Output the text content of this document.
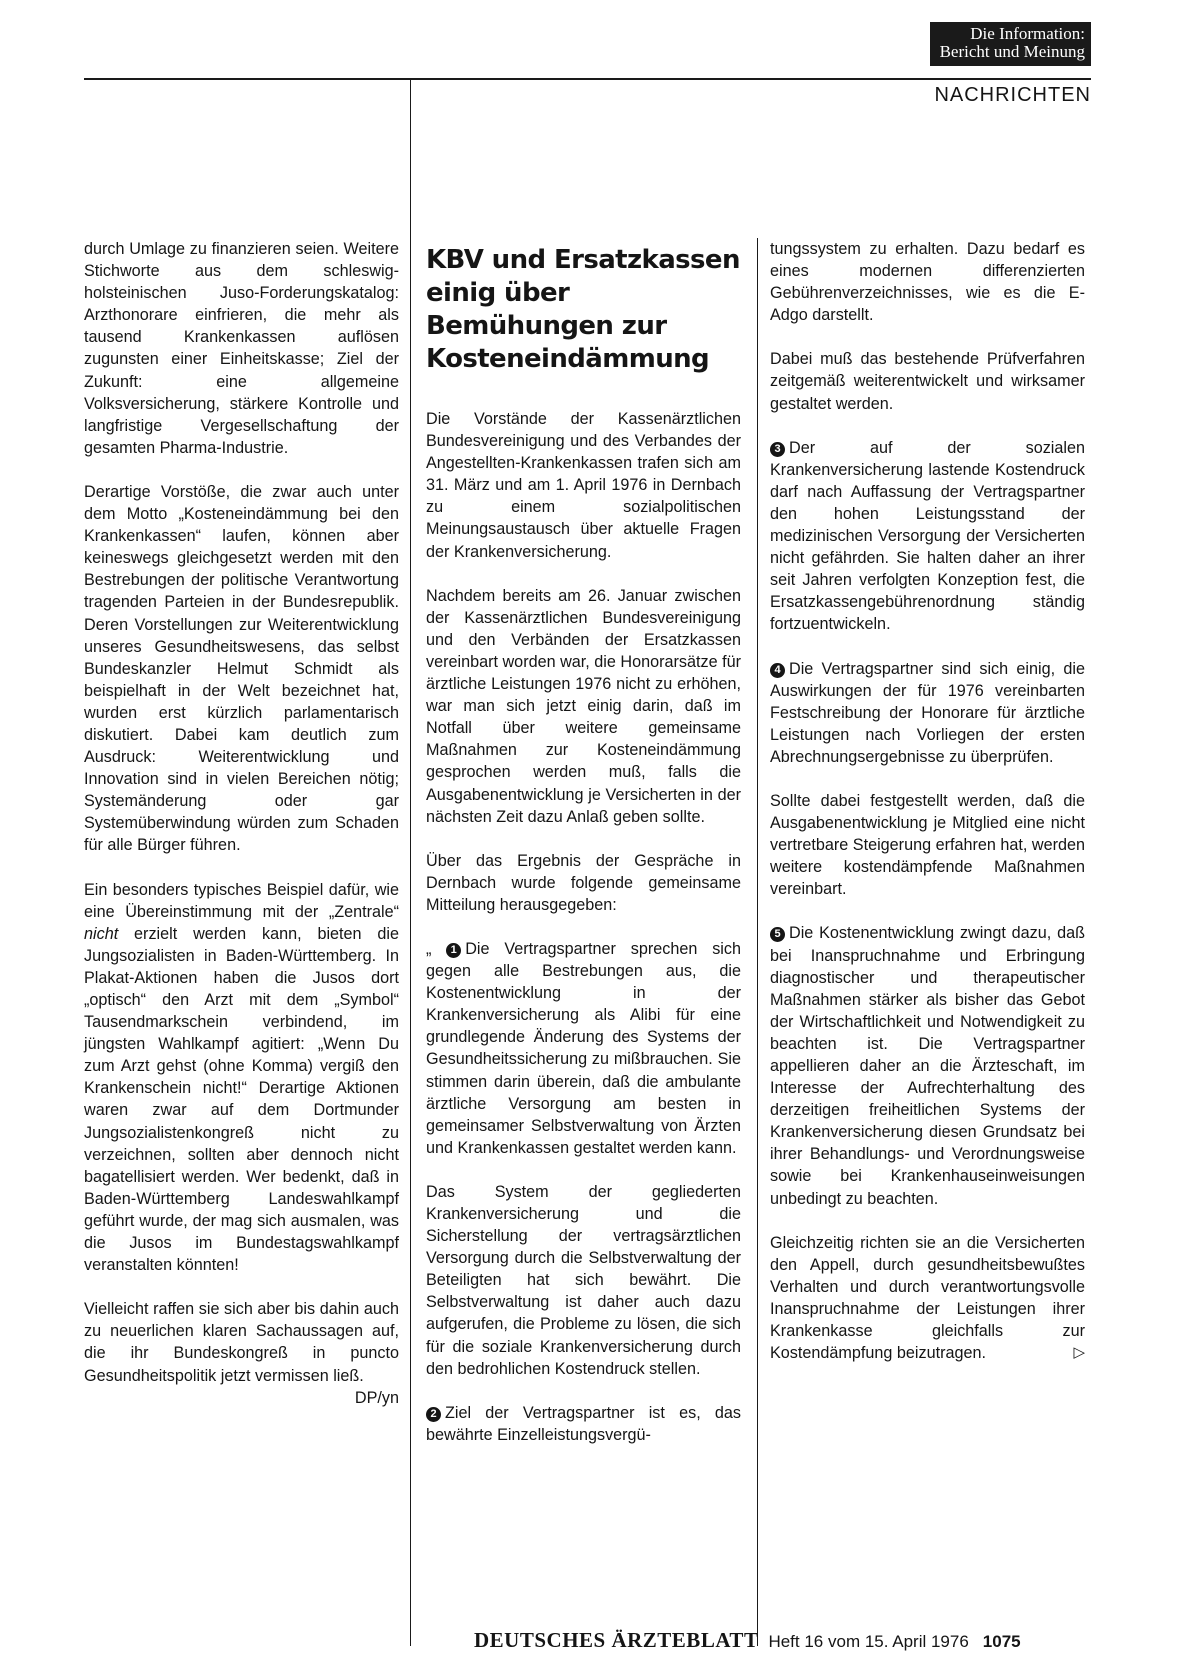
Die Information:
Bericht und Meinung
NACHRICHTEN

durch Umlage zu finanzieren seien. Weitere Stichworte aus dem schleswig-holsteinischen Juso-Forderungskatalog: Arzthonorare einfrieren, die mehr als tausend Krankenkassen auflösen zugunsten einer Einheitskasse; Ziel der Zukunft: eine allgemeine Volksversicherung, stärkere Kontrolle und langfristige Vergesellschaftung der gesamten Pharma-Industrie.

Derartige Vorstöße, die zwar auch unter dem Motto „Kosteneindämmung bei den Krankenkassen“ laufen, können aber keineswegs gleichgesetzt werden mit den Bestrebungen der politische Verantwortung tragenden Parteien in der Bundesrepublik. Deren Vorstellungen zur Weiterentwicklung unseres Gesundheitswesens, das selbst Bundeskanzler Helmut Schmidt als beispielhaft in der Welt bezeichnet hat, wurden erst kürzlich parlamentarisch diskutiert. Dabei kam deutlich zum Ausdruck: Weiterentwicklung und Innovation sind in vielen Bereichen nötig; Systemänderung oder gar Systemüberwindung würden zum Schaden für alle Bürger führen.

Ein besonders typisches Beispiel dafür, wie eine Übereinstimmung mit der „Zentrale“ nicht erzielt werden kann, bieten die Jungsozialisten in Baden-Württemberg. In Plakat-Aktionen haben die Jusos dort „optisch“ den Arzt mit dem „Symbol“ Tausendmarkschein verbindend, im jüngsten Wahlkampf agitiert: „Wenn Du zum Arzt gehst (ohne Komma) vergiß den Krankenschein nicht!“ Derartige Aktionen waren zwar auf dem Dortmunder Jungsozialistenkongreß nicht zu verzeichnen, sollten aber dennoch nicht bagatellisiert werden. Wer bedenkt, daß in Baden-Württemberg Landeswahlkampf geführt wurde, der mag sich ausmalen, was die Jusos im Bundestagswahlkampf veranstalten könnten!

Vielleicht raffen sie sich aber bis dahin auch zu neuerlichen klaren Sachaussagen auf, die ihr Bundeskongreß in puncto Gesundheitspolitik jetzt vermissen ließ.
DP/yn

KBV und Ersatzkassen einig über Bemühungen zur Kosteneindämmung

Die Vorstände der Kassenärztlichen Bundesvereinigung und des Verbandes der Angestellten-Krankenkassen trafen sich am 31. März und am 1. April 1976 in Dernbach zu einem sozialpolitischen Meinungsaustausch über aktuelle Fragen der Krankenversicherung.

Nachdem bereits am 26. Januar zwischen der Kassenärztlichen Bundesvereinigung und den Verbänden der Ersatzkassen vereinbart worden war, die Honorarsätze für ärztliche Leistungen 1976 nicht zu erhöhen, war man sich jetzt einig darin, daß im Notfall über weitere gemeinsame Maßnahmen zur Kosteneindämmung gesprochen werden muß, falls die Ausgabenentwicklung je Versicherten in der nächsten Zeit dazu Anlaß geben sollte.

Über das Ergebnis der Gespräche in Dernbach wurde folgende gemeinsame Mitteilung herausgegeben:

„ 1 Die Vertragspartner sprechen sich gegen alle Bestrebungen aus, die Kostenentwicklung in der Krankenversicherung als Alibi für eine grundlegende Änderung des Systems der Gesundheitssicherung zu mißbrauchen. Sie stimmen darin überein, daß die ambulante ärztliche Versorgung am besten in gemeinsamer Selbstverwaltung von Ärzten und Krankenkassen gestaltet werden kann.

Das System der gegliederten Krankenversicherung und die Sicherstellung der vertragsärztlichen Versorgung durch die Selbstverwaltung der Beteiligten hat sich bewährt. Die Selbstverwaltung ist daher auch dazu aufgerufen, die Probleme zu lösen, die sich für die soziale Krankenversicherung durch den bedrohlichen Kostendruck stellen.

2 Ziel der Vertragspartner ist es, das bewährte Einzelleistungsvergü-

tungssystem zu erhalten. Dazu bedarf es eines modernen differenzierten Gebührenverzeichnisses, wie es die E-Adgo darstellt.

Dabei muß das bestehende Prüfverfahren zeitgemäß weiterentwickelt und wirksamer gestaltet werden.

3 Der auf der sozialen Krankenversicherung lastende Kostendruck darf nach Auffassung der Vertragspartner den hohen Leistungsstand der medizinischen Versorgung der Versicherten nicht gefährden. Sie halten daher an ihrer seit Jahren verfolgten Konzeption fest, die Ersatzkassengebührenordnung ständig fortzuentwickeln.

4 Die Vertragspartner sind sich einig, die Auswirkungen der für 1976 vereinbarten Festschreibung der Honorare für ärztliche Leistungen nach Vorliegen der ersten Abrechnungsergebnisse zu überprüfen.

Sollte dabei festgestellt werden, daß die Ausgabenentwicklung je Mitglied eine nicht vertretbare Steigerung erfahren hat, werden weitere kostendämpfende Maßnahmen vereinbart.

5 Die Kostenentwicklung zwingt dazu, daß bei Inanspruchnahme und Erbringung diagnostischer und therapeutischer Maßnahmen stärker als bisher das Gebot der Wirtschaftlichkeit und Notwendigkeit zu beachten ist. Die Vertragspartner appellieren daher an die Ärzteschaft, im Interesse der Aufrechterhaltung des derzeitigen freiheitlichen Systems der Krankenversicherung diesen Grundsatz bei ihrer Behandlungs- und Verordnungsweise sowie bei Krankenhauseinweisungen unbedingt zu beachten.

Gleichzeitig richten sie an die Versicherten den Appell, durch gesundheitsbewußtes Verhalten und durch verantwortungsvolle Inanspruchnahme der Leistungen ihrer Krankenkasse gleichfalls zur Kostendämpfung beizutragen.	▷

DEUTSCHES ÄRZTEBLATT Heft 16 vom 15. April 1976 1075
